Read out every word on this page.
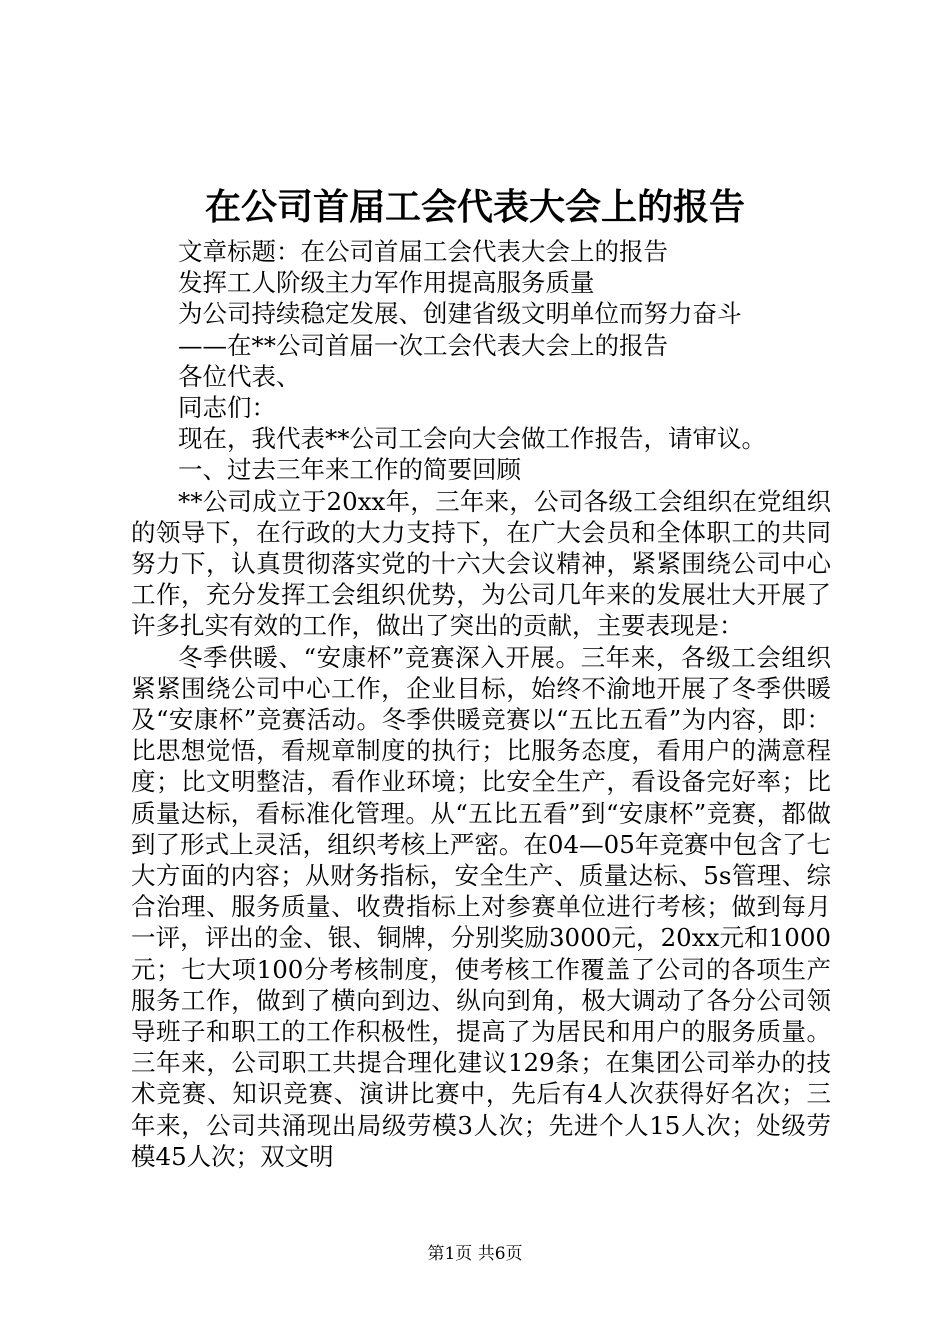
在公司首届工会代表大会上的报告

文章标题：在公司首届工会代表大会上的报告

发挥工人阶级主力军作用提高服务质量

为公司持续稳定发展、创建省级文明单位而努力奋斗

——在**公司首届一次工会代表大会上的报告

各位代表、

同志们：

现在，我代表**公司工会向大会做工作报告，请审议。

一、过去三年来工作的简要回顾

**公司成立于20xx年，三年来，公司各级工会组织在党组织的领导下，在行政的大力支持下，在广大会员和全体职工的共同努力下，认真贯彻落实党的十六大会议精神，紧紧围绕公司中心工作，充分发挥工会组织优势，为公司几年来的发展壮大开展了许多扎实有效的工作，做出了突出的贡献，主要表现是：

冬季供暖、“安康杯”竞赛深入开展。三年来，各级工会组织紧紧围绕公司中心工作，企业目标，始终不渝地开展了冬季供暖及“安康杯”竞赛活动。冬季供暖竞赛以“五比五看”为内容，即：比思想觉悟，看规章制度的执行；比服务态度，看用户的满意程度；比文明整洁，看作业环境；比安全生产，看设备完好率；比质量达标，看标准化管理。从“五比五看”到“安康杯”竞赛，都做到了形式上灵活，组织考核上严密。在04—05年竞赛中包含了七大方面的内容；从财务指标，安全生产、质量达标、5s管理、综合治理、服务质量、收费指标上对参赛单位进行考核；做到每月一评，评出的金、银、铜牌，分别奖励3000元，20xx元和1000元；七大项100分考核制度，使考核工作覆盖了公司的各项生产服务工作，做到了横向到边、纵向到角，极大调动了各分公司领导班子和职工的工作积极性，提高了为居民和用户的服务质量。三年来，公司职工共提合理化建议129条；在集团公司举办的技术竞赛、知识竞赛、演讲比赛中，先后有4人次获得好名次；三年来，公司共涌现出局级劳模3人次；先进个人15人次；处级劳模45人次；双文明

第1页 共6页
